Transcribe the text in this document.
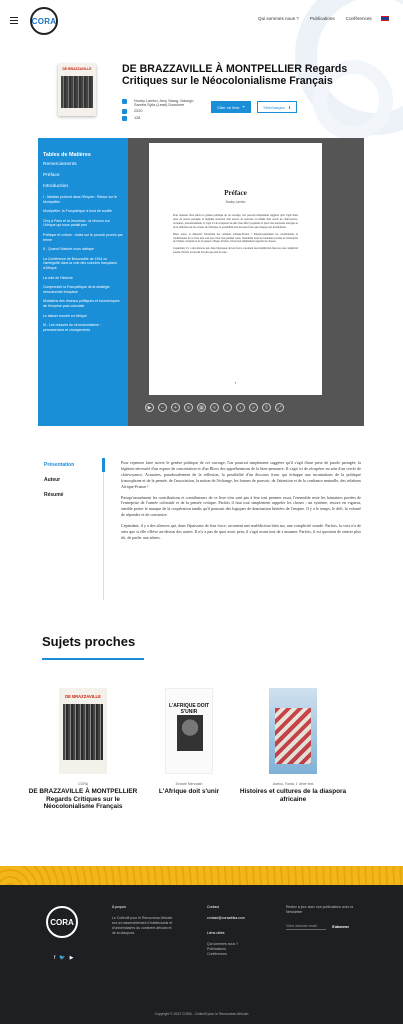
CORA	Qui sommes nous ? Publications Conférences
DE BRAZZAVILLE	DE BRAZZAVILLE À MONTPELLIER Regards Critiques sur le Néocolonialisme Français
Nouby Lambo, Amy Niang, Ndongo Samba Sylla (Lead) Dossinee
2020
128
Citer ce livre ❞	Téléchargez ⬇
Tables de Matières
Remerciements
Préface
Introduction
I - Malaise profond dans l'Empire : Retour sur le Montpellier
Montpellier, la Françafrique à bout de souffle
Cinq à Paris et la Jeunesse : la réunion sur l'Afrique qui nous parlait peu
Politique et culture : notes sur le pouvoir promis par terme
II - Quand l'histoire nous rattrape
La Conférence de Brazzaville de 1944 ou l'ambiguïté dans la voie des colonies françaises d'Afrique
La voie de l'histoire
Comprendre la Françafrique de la stratégie néocoloniale française
Mutations des réseaux politiques et économiques de l'emprise post-coloniale
Le laisser mourrir en Afrique
III - Les ressorts du néocolonialisme : permanences et changements
Préface
Nouby Lambo

Pour repenser faire suivre le genèse politique de cet ouvrage, l'on pourrait simplement suggérer qu'il s'agit d'une prise de parole partagée, la légitime nécessité d'un espace de relecture ou même d'un cercle de clairvoyance. Actuaires, paradoxalement, il s'agit ici de récupérer au-delà d'un affect populaire la place des nouveaux ancrages et de la réflexion sur les acteurs de l'Afrique, la possibilité d'un discours franc qui échappe aux incantations.

Mais, notre, et dénoncer l'absurdité des relations Afrique-France ! Puisqu'assurément les contributions et contributeurs de ce livre n'en sont pas à leur tout premier essai, l'ensemble reste les lointaines portées de l'entreprise de l'armée coloniale et de la pensée critique. Parfois, il faut tout simplement rappeler les choses.

Cependant, il y a des silences qui, dans l'épaisseur de leur force, racontent une malédiction bien sur, une complicité sourde. Parfois le non-dit dit plus que tout le reste.

7
▶	−	+	≡	▦	«	‹	›	»	⇪	⤢
Présentation
Auteur
Résumé

Pour repenser faire suivre le genèse politique de cet ouvrage, l'on pourrait simplement suggérer qu'il s'agit d'une prise de parole partagée, la légitime nécessité d'un espace de concertation et d'un Blocs des appréhensions de la bien-pensance. Il s'agit ici de récupérer au sein d'un cercle de clairvoyance, Actuaires, paradoxalement de la réflexion, la possibilité d'un discours franc qui échappe aux incantations de la politique francophone et de la pensée, de l'association, la notion de l'échange, les formes de pouvoir, de l'attention et de la confiance mutuelle, des relations Afrique-France !

Puisqu'assurément les contributions et contributeurs de ce livre n'en sont pas à leur tout premier essai, l'ensemble reste les lointaines portées de l'entreprise de l'armée coloniale et de la pensée critique. Parfois il faut tout simplement rappeler les choses : un système, encore en vigueur, semble porter le masque de la coopération tandis qu'il poursuit des logiques de domination héritées de l'empire. Il y a le temps, le défi, la volonté de répondre et de construire.

Cependant, il y a des silences qui, dans l'épaisseur de leur force, racontent une malédiction bien sur, une complicité sourde. Parfois, la voix n'a de sens que si elle s'élève au-dessus des autres. Il n'y a pas de quoi avoir peur, il s'agit avant tout de s'assumer. Parfois, il est question de rentrer plus tôt, de parler aux nôtres.

Sujets proches
DE BRAZZAVILLE
CORA
DE BRAZZAVILLE À MONTPELLIER Regards Critiques sur le Néocolonialisme Français
L'AFRIQUE DOIT S'UNIR
Ennahr Mennaah
L'Afrique doit s'unir
Arafou, Fanta, 1 other text
Histoires et cultures de la diaspora africaine
CORA
f 🐦 ▶
À propos
Le Collectif pour le Renouveau Africain est un rassemblement d'intellectuels et d'universitaires du continent africain et de la diaspora.
Contact
contact@coraafrika.com
Liens utiles
Qui sommes nous ?
Publications
Conférences
Restez à jour avec nos publications avec la Newsletter
Votre adresse email	S'abonner
Copyright © 2022 CORA - Collectif pour le Renouveau Africain
